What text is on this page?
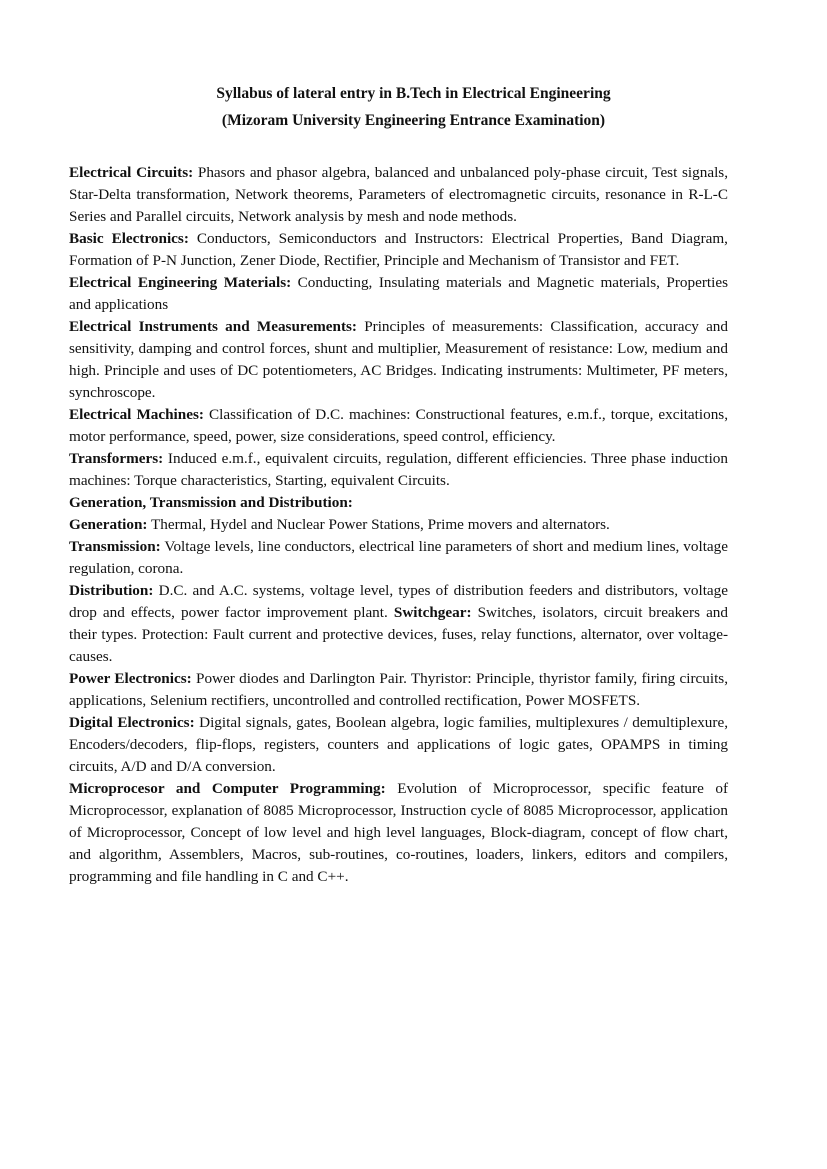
Syllabus of lateral entry in B.Tech in Electrical Engineering
(Mizoram University Engineering Entrance Examination)

Electrical Circuits: Phasors and phasor algebra, balanced and unbalanced poly-phase circuit, Test signals, Star-Delta transformation, Network theorems, Parameters of electromagnetic circuits, resonance in R-L-C Series and Parallel circuits, Network analysis by mesh and node methods.

Basic Electronics: Conductors, Semiconductors and Instructors: Electrical Properties, Band Diagram, Formation of P-N Junction, Zener Diode, Rectifier, Principle and Mechanism of Transistor and FET.

Electrical Engineering Materials: Conducting, Insulating materials and Magnetic materials, Properties and applications

Electrical Instruments and Measurements: Principles of measurements: Classification, accuracy and sensitivity, damping and control forces, shunt and multiplier, Measurement of resistance: Low, medium and high. Principle and uses of DC potentiometers, AC Bridges. Indicating instruments: Multimeter, PF meters, synchroscope.

Electrical Machines: Classification of D.C. machines: Constructional features, e.m.f., torque, excitations, motor performance, speed, power, size considerations, speed control, efficiency.

Transformers: Induced e.m.f., equivalent circuits, regulation, different efficiencies. Three phase induction machines: Torque characteristics, Starting, equivalent Circuits.

Generation, Transmission and Distribution:

Generation: Thermal, Hydel and Nuclear Power Stations, Prime movers and alternators.

Transmission: Voltage levels, line conductors, electrical line parameters of short and medium lines, voltage regulation, corona.

Distribution: D.C. and A.C. systems, voltage level, types of distribution feeders and distributors, voltage drop and effects, power factor improvement plant. Switchgear: Switches, isolators, circuit breakers and their types. Protection: Fault current and protective devices, fuses, relay functions, alternator, over voltage-causes.

Power Electronics: Power diodes and Darlington Pair. Thyristor: Principle, thyristor family, firing circuits, applications, Selenium rectifiers, uncontrolled and controlled rectification, Power MOSFETS.

Digital Electronics: Digital signals, gates, Boolean algebra, logic families, multiplexures / demultiplexure, Encoders/decoders, flip-flops, registers, counters and applications of logic gates, OPAMPS in timing circuits, A/D and D/A conversion.

Microprocesor and Computer Programming: Evolution of Microprocessor, specific feature of Microprocessor, explanation of 8085 Microprocessor, Instruction cycle of 8085 Microprocessor, application of Microprocessor, Concept of low level and high level languages, Block-diagram, concept of flow chart, and algorithm, Assemblers, Macros, sub-routines, co-routines, loaders, linkers, editors and compilers, programming and file handling in C and C++.
